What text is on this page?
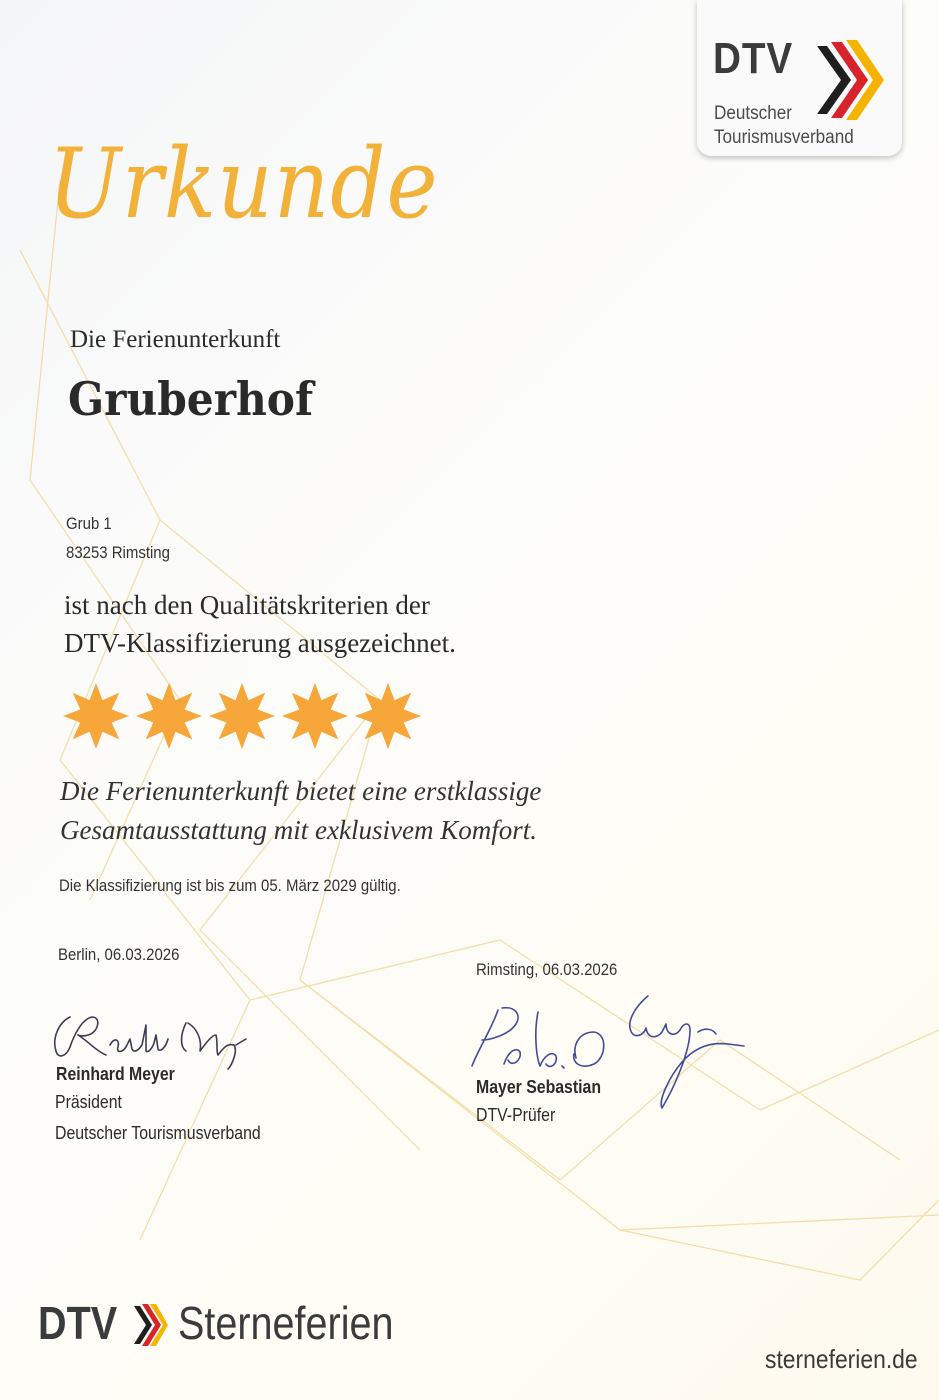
DTV
Deutscher
Tourismusverband
Urkunde
Die Ferienunterkunft
Gruberhof
Grub 1
83253 Rimsting
ist nach den Qualitätskriterien der
DTV-Klassifizierung ausgezeichnet.
Die Ferienunterkunft bietet eine erstklassige
Gesamtausstattung mit exklusivem Komfort.
Die Klassifizierung ist bis zum 05. März 2029 gültig.
Berlin, 06.03.2026
Rimsting, 06.03.2026
Reinhard Meyer
Präsident
Deutscher Tourismusverband
Mayer Sebastian
DTV-Prüfer
DTV Sterneferien
sterneferien.de
